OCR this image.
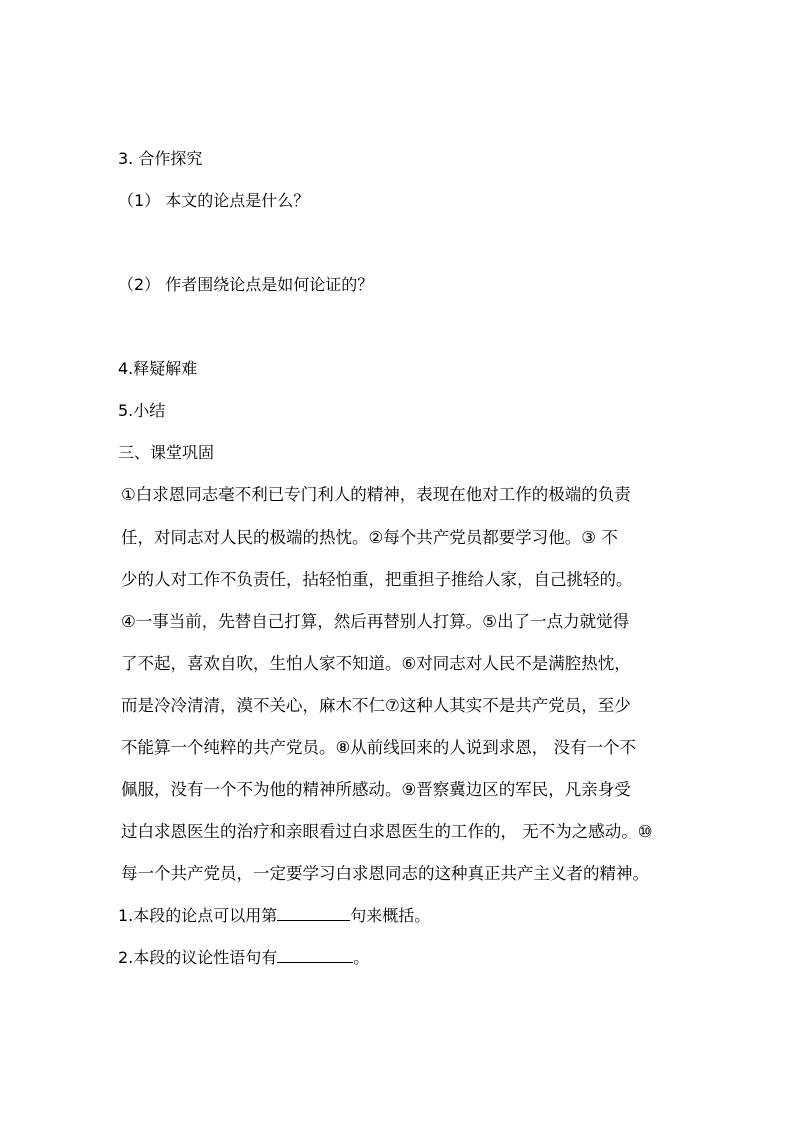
3. 合作探究
（1） 本文的论点是什么？
（2） 作者围绕论点是如何论证的？
4.释疑解难
5.小结
三、课堂巩固
①白求恩同志毫不利已专门利人的精神，表现在他对工作的极端的负责
任，对同志对人民的极端的热忱。②每个共产党员都要学习他。③ 不
少的人对工作不负责任，拈轻怕重，把重担子推给人家，自己挑轻的。
④一事当前，先替自己打算，然后再替别人打算。⑤出了一点力就觉得
了不起，喜欢自吹，生怕人家不知道。⑥对同志对人民不是满腔热忱，
而是冷冷清清，漠不关心，麻木不仁⑦这种人其实不是共产党员，至少
不能算一个纯粹的共产党员。⑧从前线回来的人说到求恩， 没有一个不
佩服，没有一个不为他的精神所感动。⑨晋察冀边区的军民，凡亲身受
过白求恩医生的治疗和亲眼看过白求恩医生的工作的， 无不为之感动。⑩
每一个共产党员，一定要学习白求恩同志的这种真正共产主义者的精神。
1.本段的论点可以用第	句来概括。
2.本段的议论性语句有	。
